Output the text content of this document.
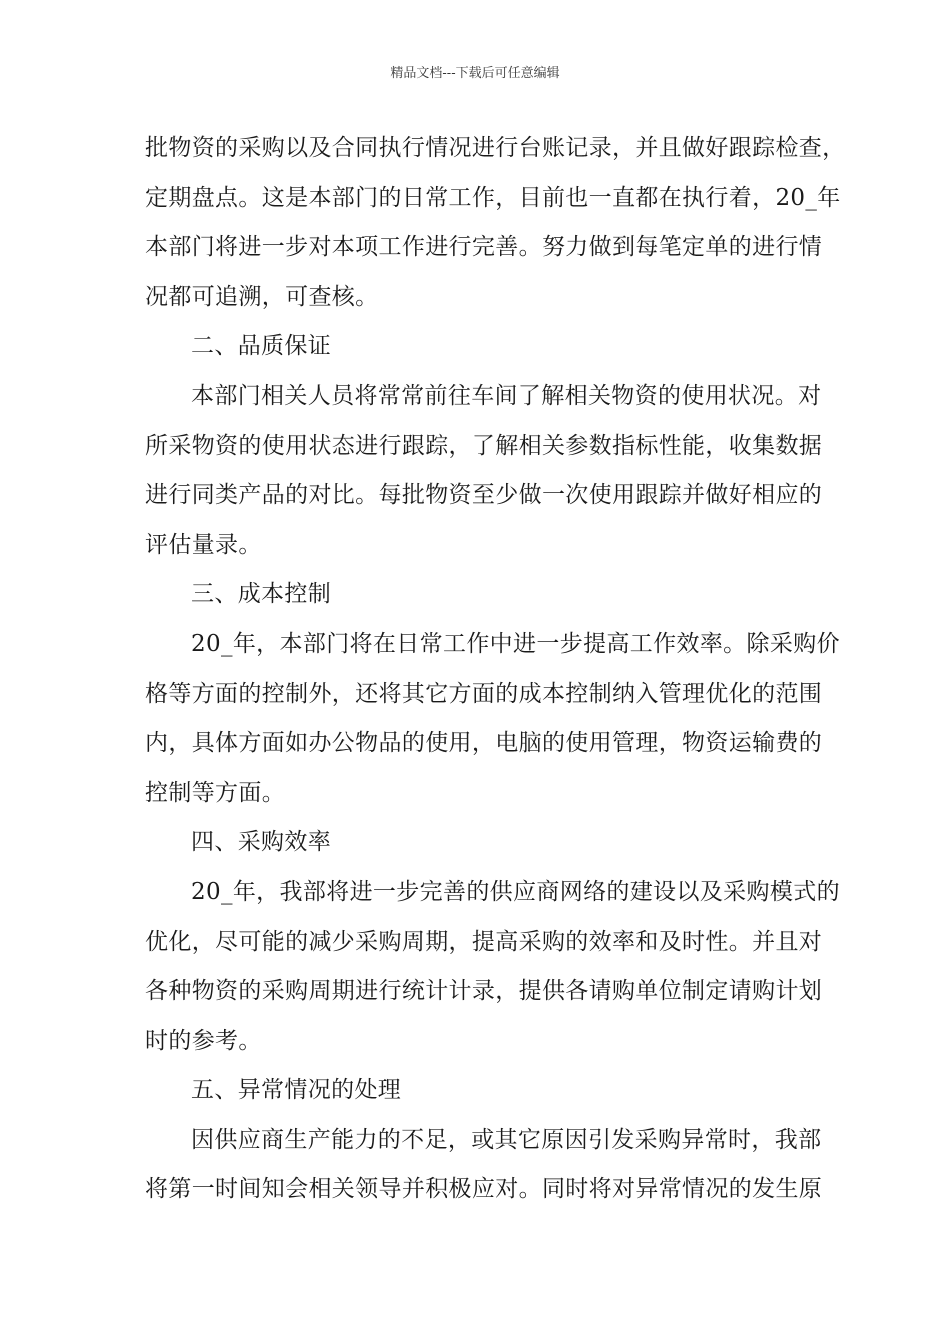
精品文档---下载后可任意编辑
批物资的采购以及合同执行情况进行台账记录，并且做好跟踪检查，
定期盘点。这是本部门的日常工作，目前也一直都在执行着，20_年
本部门将进一步对本项工作进行完善。努力做到每笔定单的进行情
况都可追溯，可查核。
二、品质保证
本部门相关人员将常常前往车间了解相关物资的使用状况。对
所采物资的使用状态进行跟踪，了解相关参数指标性能，收集数据
进行同类产品的对比。每批物资至少做一次使用跟踪并做好相应的
评估量录。
三、成本控制
20_年，本部门将在日常工作中进一步提高工作效率。除采购价
格等方面的控制外，还将其它方面的成本控制纳入管理优化的范围
内，具体方面如办公物品的使用，电脑的使用管理，物资运输费的
控制等方面。
四、采购效率
20_年，我部将进一步完善的供应商网络的建设以及采购模式的
优化，尽可能的减少采购周期，提高采购的效率和及时性。并且对
各种物资的采购周期进行统计计录，提供各请购单位制定请购计划
时的参考。
五、异常情况的处理
因供应商生产能力的不足，或其它原因引发采购异常时，我部
将第一时间知会相关领导并积极应对。同时将对异常情况的发生原
